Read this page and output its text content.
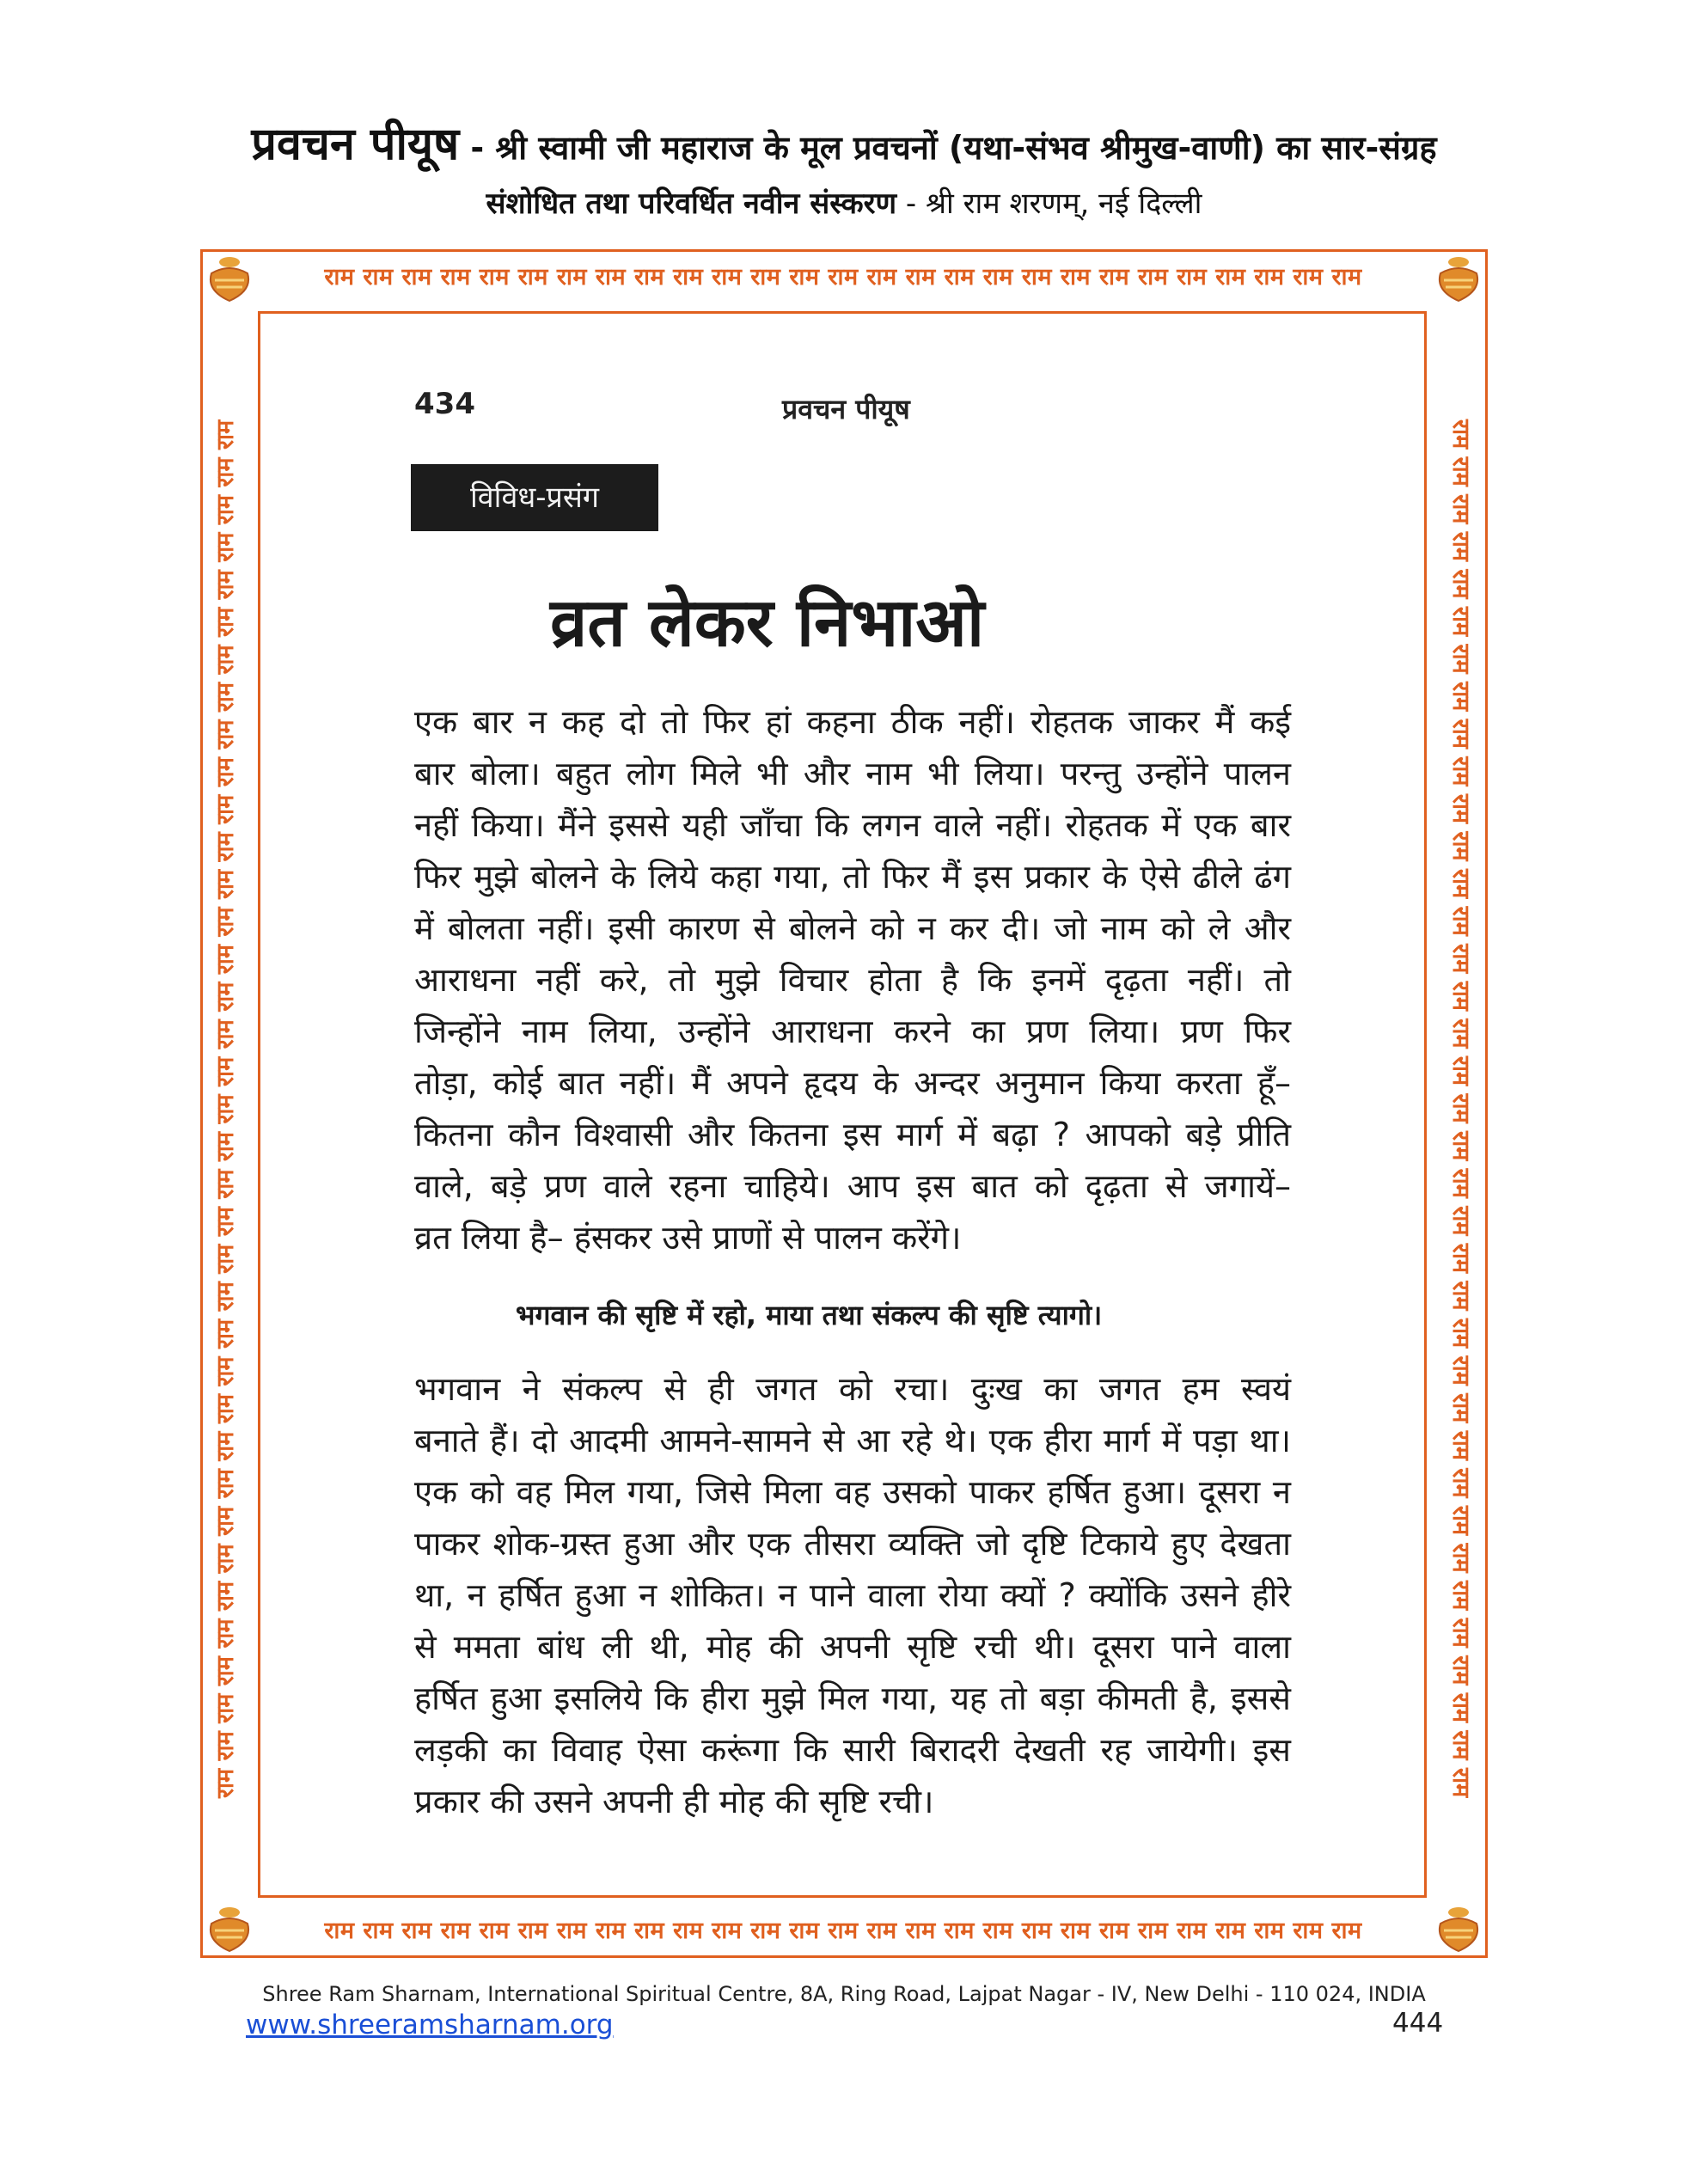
प्रवचन पीयूष - श्री स्वामी जी महाराज के मूल प्रवचनों (यथा-संभव श्रीमुख-वाणी) का सार-संग्रह
संशोधित तथा परिवर्धित नवीन संस्करण - श्री राम शरणम्, नई दिल्ली
राम राम राम राम राम राम राम राम राम राम राम राम राम राम राम राम राम राम राम राम राम राम राम राम राम राम राम
राम राम राम राम राम राम राम राम राम राम राम राम राम राम राम राम राम राम राम राम राम राम राम राम राम राम राम
राम राम राम राम राम राम राम राम राम राम राम राम राम राम राम राम राम राम राम राम राम राम राम राम राम राम राम राम राम राम राम राम राम राम राम राम राम	राम राम राम राम राम राम राम राम राम राम राम राम राम राम राम राम राम राम राम राम राम राम राम राम राम राम राम राम राम राम राम राम राम राम राम राम राम
434	प्रवचन पीयूष
विविध-प्रसंग
व्रत लेकर निभाओ
एक बार न कह दो तो फिर हां कहना ठीक नहीं। रोहतक जाकर मैं कई
बार बोला। बहुत लोग मिले भी और नाम भी लिया। परन्तु उन्होंने पालन
नहीं किया। मैंने इससे यही जाँचा कि लगन वाले नहीं। रोहतक में एक बार
फिर मुझे बोलने के लिये कहा गया, तो फिर मैं इस प्रकार के ऐसे ढीले ढंग
में बोलता नहीं। इसी कारण से बोलने को न कर दी। जो नाम को ले और
आराधना नहीं करे, तो मुझे विचार होता है कि इनमें दृढ़ता नहीं। तो
जिन्होंने नाम लिया, उन्होंने आराधना करने का प्रण लिया। प्रण फिर
तोड़ा, कोई बात नहीं। मैं अपने हृदय के अन्दर अनुमान किया करता हूँ–
कितना कौन विश्वासी और कितना इस मार्ग में बढ़ा ? आपको बड़े प्रीति
वाले, बड़े प्रण वाले रहना चाहिये। आप इस बात को दृढ़ता से जगायें–
व्रत लिया है– हंसकर उसे प्राणों से पालन करेंगे।
भगवान की सृष्टि में रहो, माया तथा संकल्प की सृष्टि त्यागो।
भगवान ने संकल्प से ही जगत को रचा। दुःख का जगत हम स्वयं
बनाते हैं। दो आदमी आमने-सामने से आ रहे थे। एक हीरा मार्ग में पड़ा था।
एक को वह मिल गया, जिसे मिला वह उसको पाकर हर्षित हुआ। दूसरा न
पाकर शोक-ग्रस्त हुआ और एक तीसरा व्यक्ति जो दृष्टि टिकाये हुए देखता
था, न हर्षित हुआ न शोकित। न पाने वाला रोया क्यों ? क्योंकि उसने हीरे
से ममता बांध ली थी, मोह की अपनी सृष्टि रची थी। दूसरा पाने वाला
हर्षित हुआ इसलिये कि हीरा मुझे मिल गया, यह तो बड़ा कीमती है, इससे
लड़की का विवाह ऐसा करूंगा कि सारी बिरादरी देखती रह जायेगी। इस
प्रकार की उसने अपनी ही मोह की सृष्टि रची।
Shree Ram Sharnam, International Spiritual Centre, 8A, Ring Road, Lajpat Nagar - IV, New Delhi - 110 024, INDIA
www.shreeramsharnam.org	444
